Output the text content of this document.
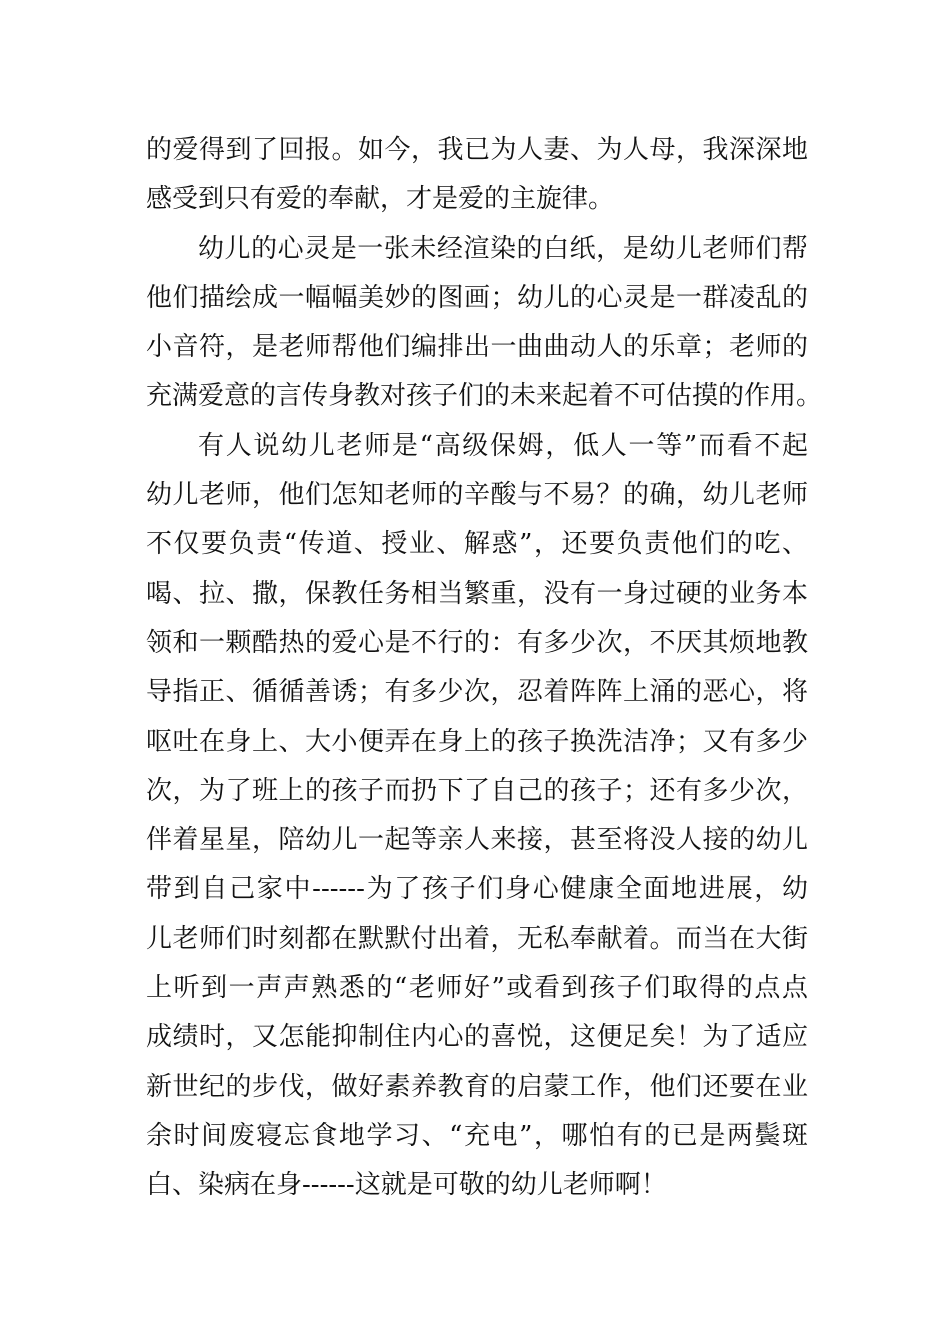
的爱得到了回报。如今，我已为人妻、为人母，我深深地
感受到只有爱的奉献，才是爱的主旋律。
幼儿的心灵是一张未经渲染的白纸，是幼儿老师们帮
他们描绘成一幅幅美妙的图画；幼儿的心灵是一群凌乱的
小音符，是老师帮他们编排出一曲曲动人的乐章；老师的
充满爱意的言传身教对孩子们的未来起着不可估摸的作用。
有人说幼儿老师是“高级保姆，低人一等”而看不起
幼儿老师，他们怎知老师的辛酸与不易？的确，幼儿老师
不仅要负责“传道、授业、解惑”，还要负责他们的吃、
喝、拉、撒，保教任务相当繁重，没有一身过硬的业务本
领和一颗酷热的爱心是不行的：有多少次，不厌其烦地教
导指正、循循善诱；有多少次，忍着阵阵上涌的恶心，将
呕吐在身上、大小便弄在身上的孩子换洗洁净；又有多少
次，为了班上的孩子而扔下了自己的孩子；还有多少次，
伴着星星，陪幼儿一起等亲人来接，甚至将没人接的幼儿
带到自己家中------为了孩子们身心健康全面地进展，幼
儿老师们时刻都在默默付出着，无私奉献着。而当在大街
上听到一声声熟悉的“老师好”或看到孩子们取得的点点
成绩时，又怎能抑制住内心的喜悦，这便足矣！为了适应
新世纪的步伐，做好素养教育的启蒙工作，他们还要在业
余时间废寝忘食地学习、“充电”，哪怕有的已是两鬓斑
白、染病在身------这就是可敬的幼儿老师啊！
